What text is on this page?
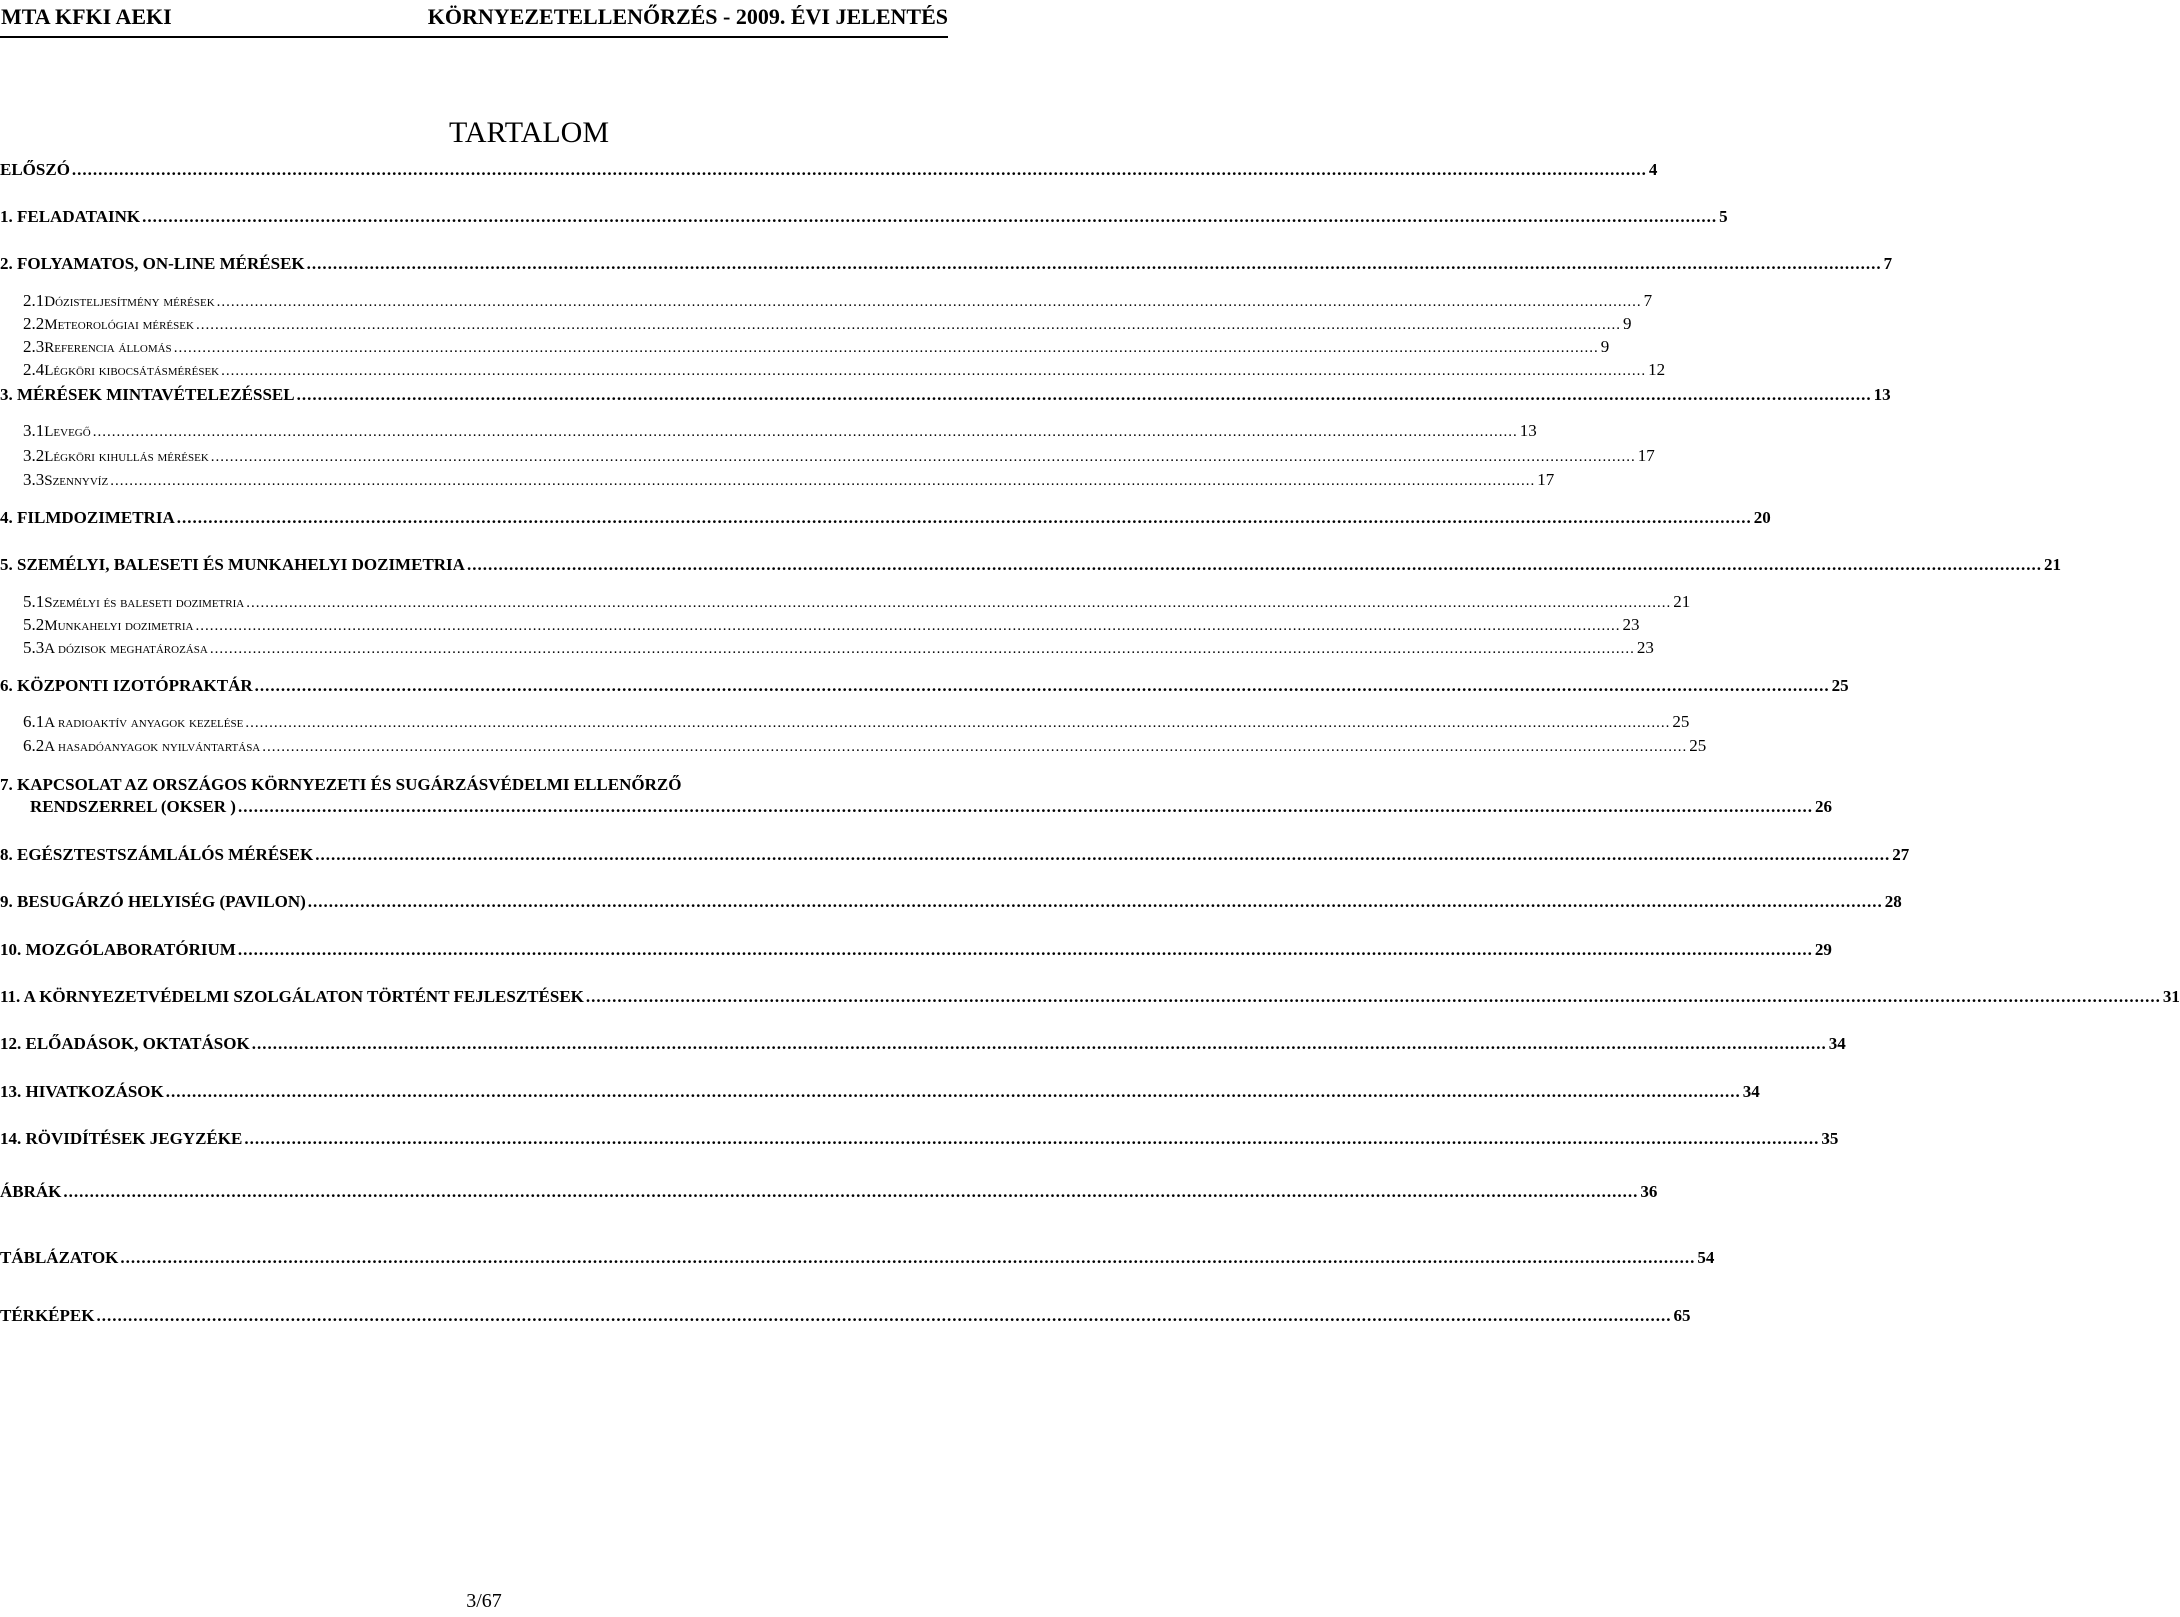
MTA KFKI AEKI	KÖRNYEZETELLENŐRZÉS - 2009. ÉVI JELENTÉS
TARTALOM
ELŐSZÓ ............................................................................................................................................................................................................................................................................................................ 4
1. FELADATAINK ............................................................................................................................................................................................................................................................................................................ 5
2. FOLYAMATOS, ON-LINE MÉRÉSEK ............................................................................................................................................................................................................................................................................................................ 7
2.1 Dózisteljesítmény mérések ............................................................................................................................................................................................................................................................................................................ 7
2.2 Meteorológiai mérések ............................................................................................................................................................................................................................................................................................................ 9
2.3 Referencia állomás ............................................................................................................................................................................................................................................................................................................ 9
2.4 Légköri kibocsátásmérések ............................................................................................................................................................................................................................................................................................................ 12
3. MÉRÉSEK MINTAVÉTELEZÉSSEL ............................................................................................................................................................................................................................................................................................................ 13
3.1 Levegő ............................................................................................................................................................................................................................................................................................................ 13
3.2 Légköri kihullás mérések ............................................................................................................................................................................................................................................................................................................ 17
3.3 Szennyvíz ............................................................................................................................................................................................................................................................................................................ 17
4. FILMDOZIMETRIA ............................................................................................................................................................................................................................................................................................................ 20
5. SZEMÉLYI, BALESETI ÉS MUNKAHELYI DOZIMETRIA ............................................................................................................................................................................................................................................................................................................ 21
5.1 Személyi és baleseti dozimetria ............................................................................................................................................................................................................................................................................................................ 21
5.2 Munkahelyi dozimetria ............................................................................................................................................................................................................................................................................................................ 23
5.3 A dózisok meghatározása ............................................................................................................................................................................................................................................................................................................ 23
6. KÖZPONTI IZOTÓPRAKTÁR ............................................................................................................................................................................................................................................................................................................ 25
6.1 A radioaktív anyagok kezelése ............................................................................................................................................................................................................................................................................................................ 25
6.2 A hasadóanyagok nyilvántartása ............................................................................................................................................................................................................................................................................................................ 25
7. KAPCSOLAT AZ ORSZÁGOS KÖRNYEZETI ÉS SUGÁRZÁSVÉDELMI ELLENŐRZŐ
RENDSZERREL (OKSER ) ............................................................................................................................................................................................................................................................................................................ 26
8. EGÉSZTESTSZÁMLÁLÓS MÉRÉSEK ............................................................................................................................................................................................................................................................................................................ 27
9. BESUGÁRZÓ HELYISÉG (PAVILON) ............................................................................................................................................................................................................................................................................................................ 28
10. MOZGÓLABORATÓRIUM ............................................................................................................................................................................................................................................................................................................ 29
11. A KÖRNYEZETVÉDELMI SZOLGÁLATON TÖRTÉNT FEJLESZTÉSEK ............................................................................................................................................................................................................................................................................................................ 31
12. ELŐADÁSOK, OKTATÁSOK ............................................................................................................................................................................................................................................................................................................ 34
13. HIVATKOZÁSOK ............................................................................................................................................................................................................................................................................................................ 34
14. RÖVIDÍTÉSEK JEGYZÉKE ............................................................................................................................................................................................................................................................................................................ 35
ÁBRÁK ............................................................................................................................................................................................................................................................................................................ 36
TÁBLÁZATOK ............................................................................................................................................................................................................................................................................................................ 54
TÉRKÉPEK ............................................................................................................................................................................................................................................................................................................ 65
3/67
